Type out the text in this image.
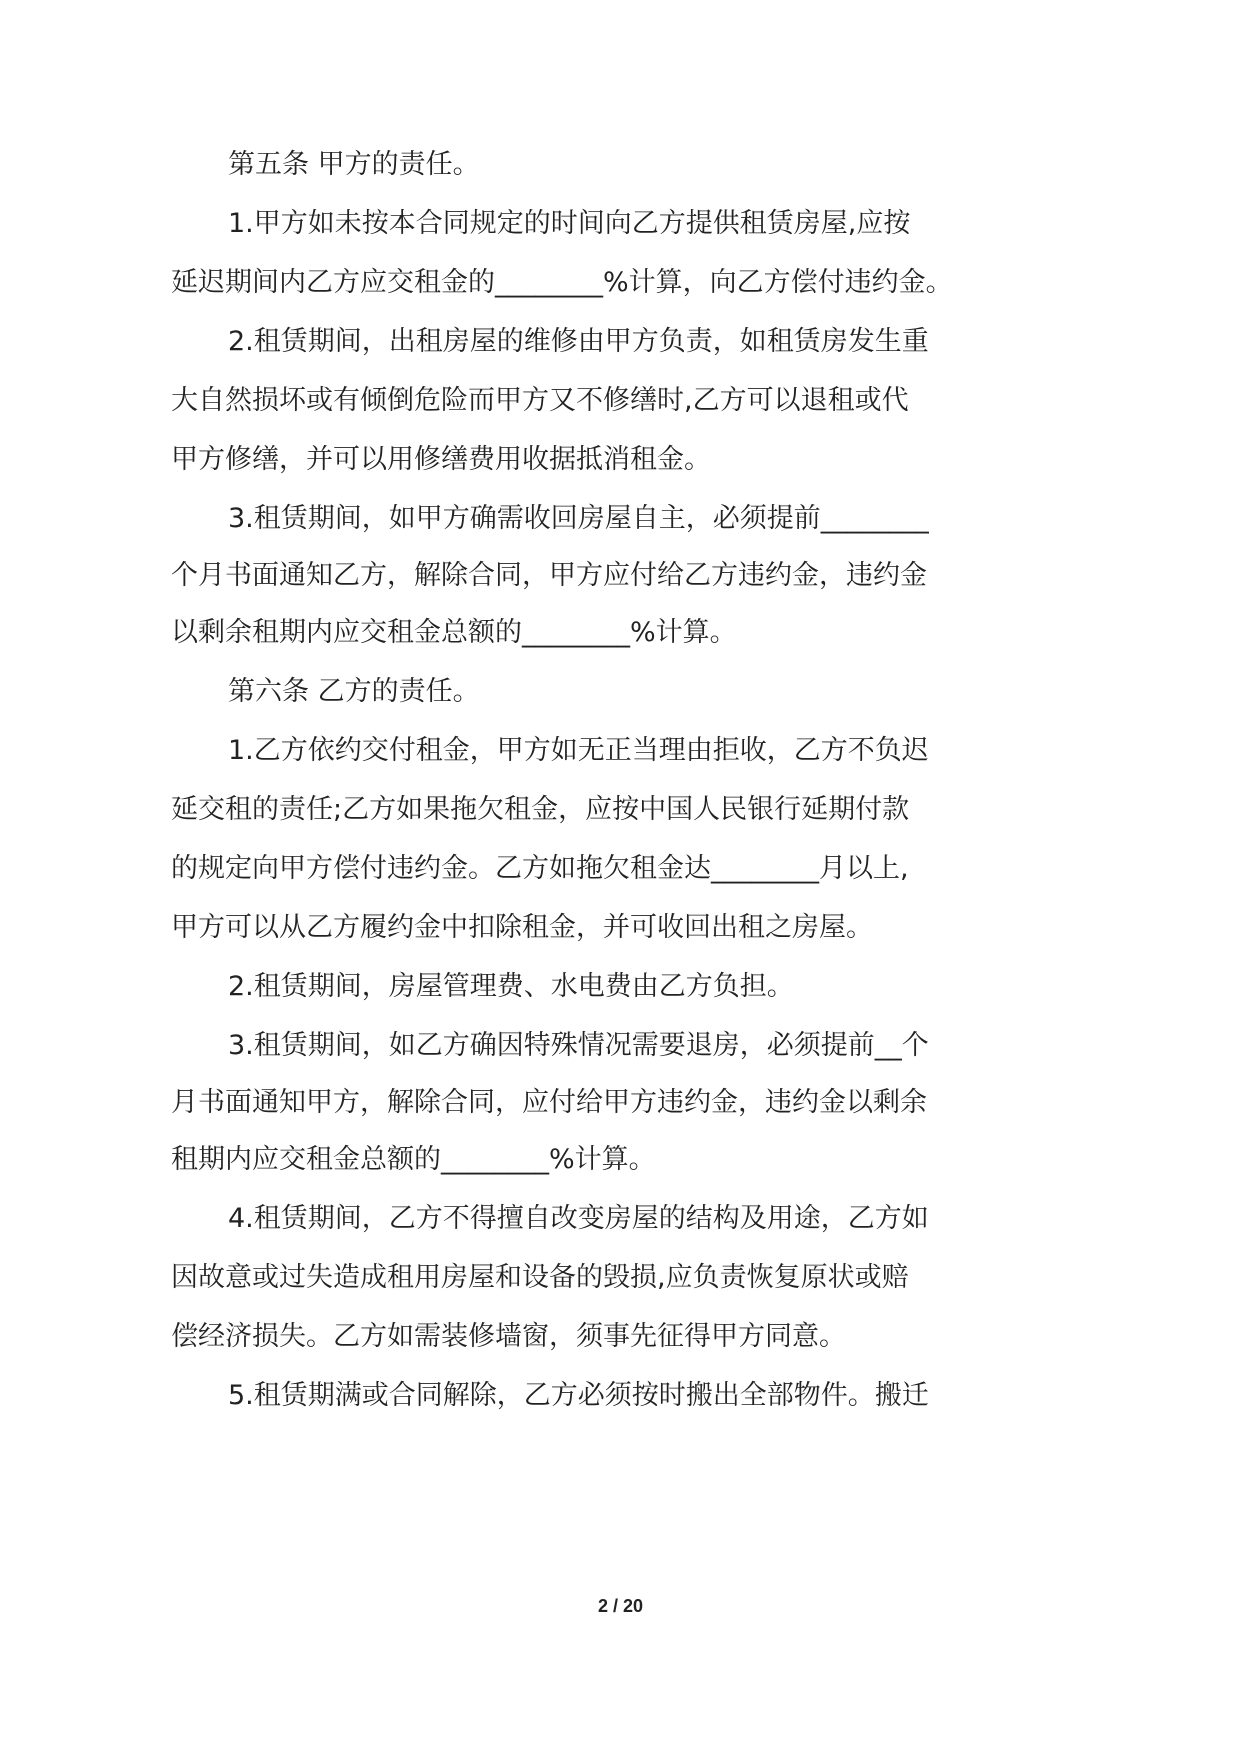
第五条 甲方的责任。
1.甲方如未按本合同规定的时间向乙方提供租赁房屋,应按
延迟期间内乙方应交租金的________%计算，向乙方偿付违约金。
2.租赁期间，出租房屋的维修由甲方负责，如租赁房发生重
大自然损坏或有倾倒危险而甲方又不修缮时,乙方可以退租或代
甲方修缮，并可以用修缮费用收据抵消租金。
3.租赁期间，如甲方确需收回房屋自主，必须提前________
个月书面通知乙方，解除合同，甲方应付给乙方违约金，违约金
以剩余租期内应交租金总额的________%计算。
第六条 乙方的责任。
1.乙方依约交付租金，甲方如无正当理由拒收，乙方不负迟
延交租的责任;乙方如果拖欠租金，应按中国人民银行延期付款
的规定向甲方偿付违约金。乙方如拖欠租金达________月以上,
甲方可以从乙方履约金中扣除租金，并可收回出租之房屋。
2.租赁期间，房屋管理费、水电费由乙方负担。
3.租赁期间，如乙方确因特殊情况需要退房，必须提前__个
月书面通知甲方，解除合同，应付给甲方违约金，违约金以剩余
租期内应交租金总额的________%计算。
4.租赁期间，乙方不得擅自改变房屋的结构及用途，乙方如
因故意或过失造成租用房屋和设备的毁损,应负责恢复原状或赔
偿经济损失。乙方如需装修墙窗，须事先征得甲方同意。
5.租赁期满或合同解除，乙方必须按时搬出全部物件。搬迁
2 / 20
